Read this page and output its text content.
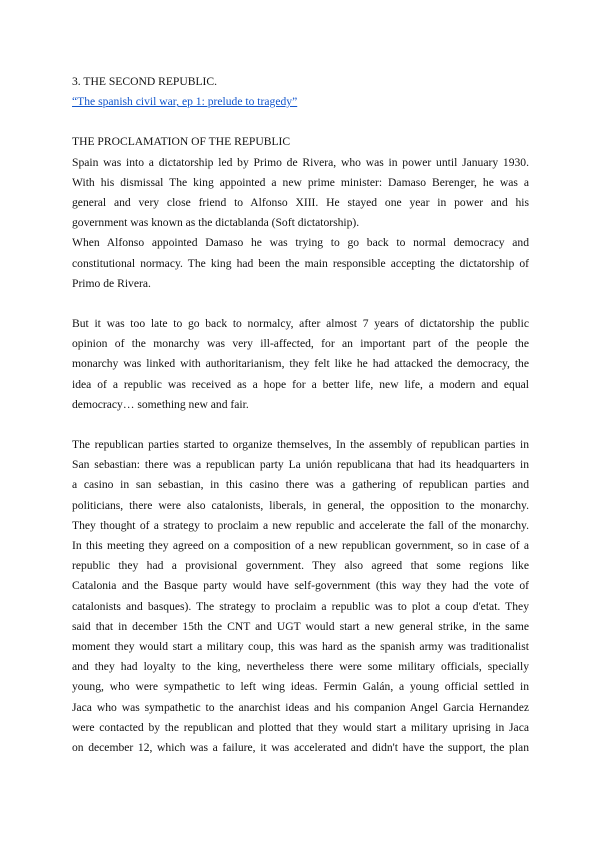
3. THE SECOND REPUBLIC.
“The spanish civil war, ep 1: prelude to tragedy”
THE PROCLAMATION OF THE REPUBLIC

Spain was into a dictatorship led by Primo de Rivera, who was in power until January 1930.
With his dismissal The king appointed a new prime minister: Damaso Berenger, he was a
general and very close friend to Alfonso XIII. He stayed one year in power and his
government was known as the dictablanda (Soft dictatorship).

When Alfonso appointed Damaso he was trying to go back to normal democracy and
constitutional normacy. The king had been the main responsible accepting the dictatorship of
Primo de Rivera.

But it was too late to go back to normalcy, after almost 7 years of dictatorship the public
opinion of the monarchy was very ill-affected, for an important part of the people the
monarchy was linked with authoritarianism, they felt like he had attacked the democracy, the
idea of a republic was received as a hope for a better life, new life, a modern and equal
democracy… something new and fair.

The republican parties started to organize themselves, In the assembly of republican parties in
San sebastian: there was a republican party La unión republicana that had its headquarters in
a casino in san sebastian, in this casino there was a gathering of republican parties and
politicians, there were also catalonists, liberals, in general, the opposition to the monarchy.
They thought of a strategy to proclaim a new republic and accelerate the fall of the monarchy.
In this meeting they agreed on a composition of a new republican government, so in case of a
republic they had a provisional government. They also agreed that some regions like
Catalonia and the Basque party would have self-government (this way they had the vote of
catalonists and basques). The strategy to proclaim a republic was to plot a coup d'etat. They
said that in december 15th the CNT and UGT would start a new general strike, in the same
moment they would start a military coup, this was hard as the spanish army was traditionalist
and they had loyalty to the king, nevertheless there were some military officials, specially
young, who were sympathetic to left wing ideas. Fermin Galán, a young official settled in
Jaca who was sympathetic to the anarchist ideas and his companion Angel Garcia Hernandez
were contacted by the republican and plotted that they would start a military uprising in Jaca
on december 12, which was a failure, it was accelerated and didn't have the support, the plan
